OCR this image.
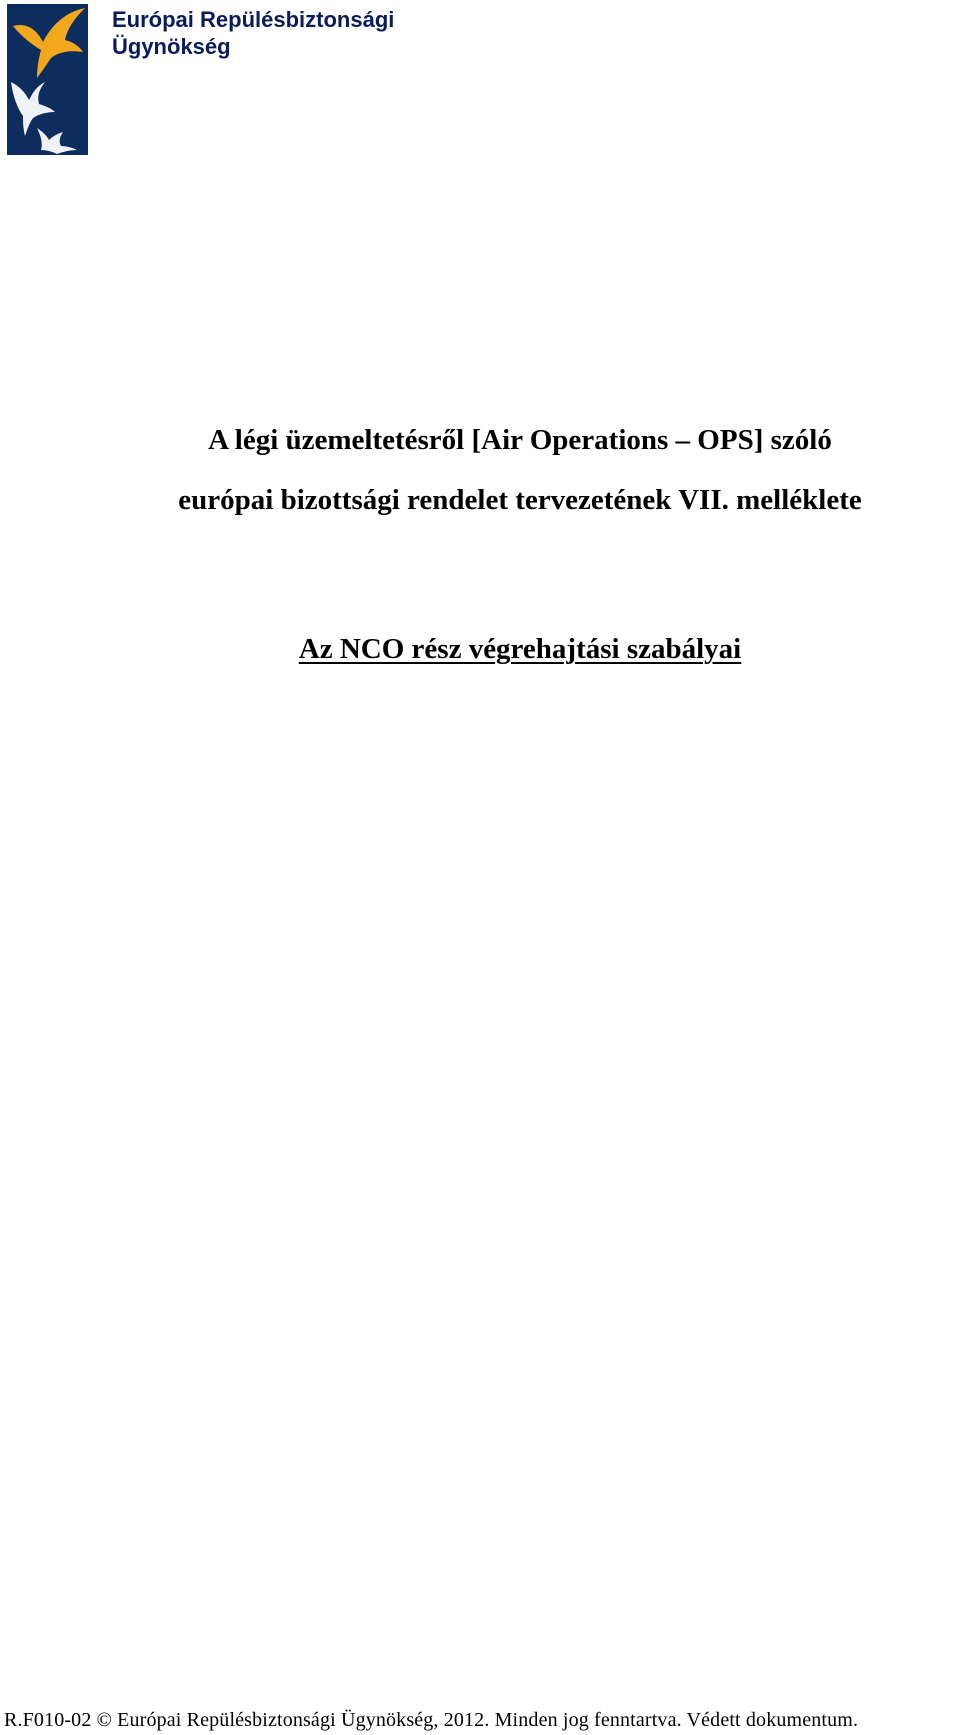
Európai Repülésbiztonsági
Ügynökség
A légi üzemeltetésről [Air Operations – OPS] szóló
európai bizottsági rendelet tervezetének VII. melléklete
Az NCO rész végrehajtási szabályai
R.F010-02 © Európai Repülésbiztonsági Ügynökség, 2012. Minden jog fenntartva. Védett dokumentum.
